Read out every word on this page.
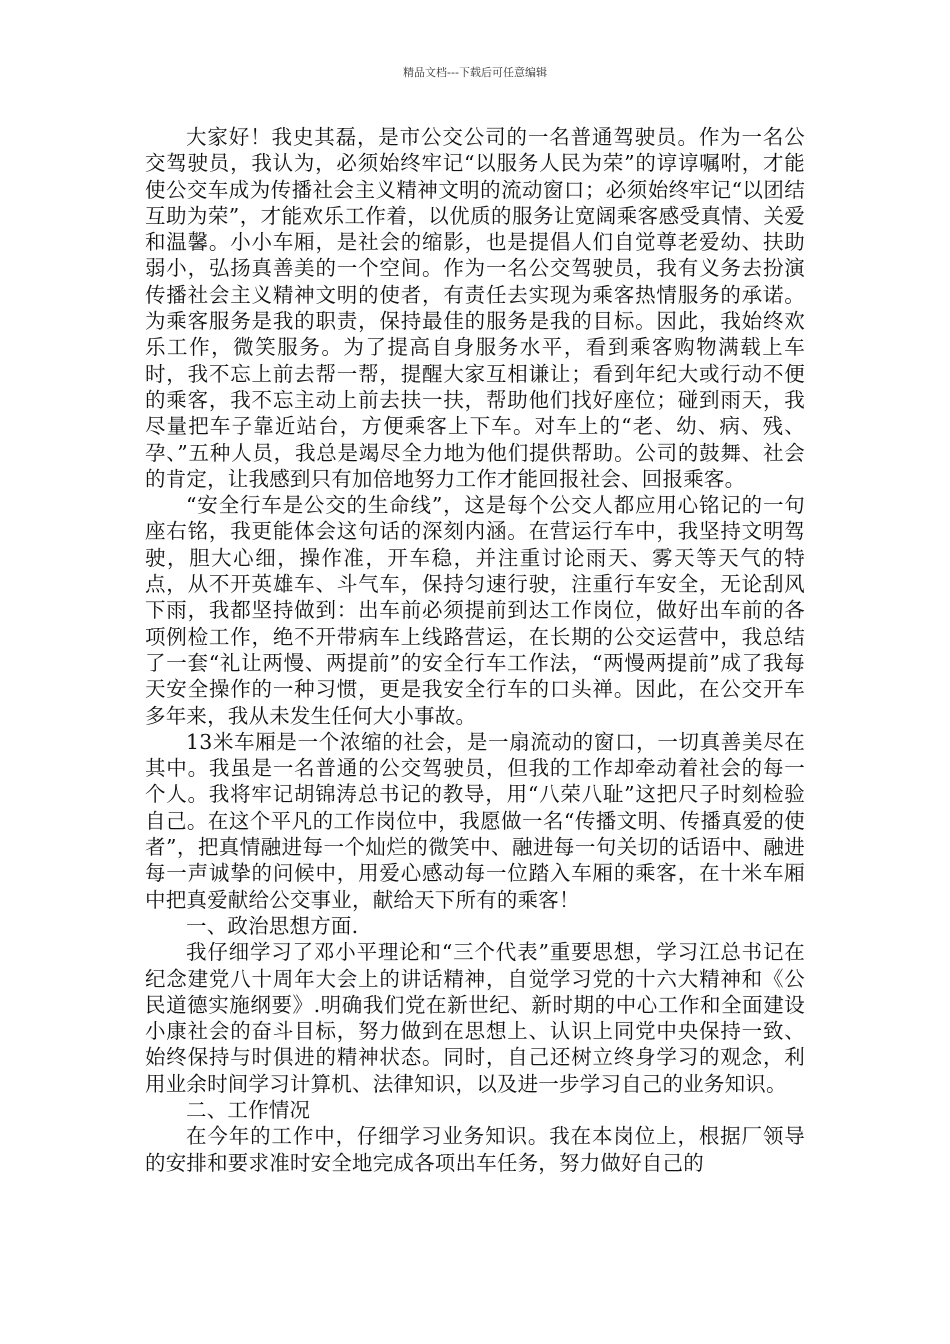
精品文档---下载后可任意编辑

大家好！我史其磊，是市公交公司的一名普通驾驶员。作为一名公交驾驶员，我认为，必须始终牢记“以服务人民为荣”的谆谆嘱咐，才能使公交车成为传播社会主义精神文明的流动窗口；必须始终牢记“以团结互助为荣”，才能欢乐工作着，以优质的服务让宽阔乘客感受真情、关爱和温馨。小小车厢，是社会的缩影，也是提倡人们自觉尊老爱幼、扶助弱小，弘扬真善美的一个空间。作为一名公交驾驶员，我有义务去扮演传播社会主义精神文明的使者，有责任去实现为乘客热情服务的承诺。为乘客服务是我的职责，保持最佳的服务是我的目标。因此，我始终欢乐工作，微笑服务。为了提高自身服务水平，看到乘客购物满载上车时，我不忘上前去帮一帮，提醒大家互相谦让；看到年纪大或行动不便的乘客，我不忘主动上前去扶一扶，帮助他们找好座位；碰到雨天，我尽量把车子靠近站台，方便乘客上下车。对车上的“老、幼、病、残、孕、”五种人员，我总是竭尽全力地为他们提供帮助。公司的鼓舞、社会的肯定，让我感到只有加倍地努力工作才能回报社会、回报乘客。

“安全行车是公交的生命线”，这是每个公交人都应用心铭记的一句座右铭，我更能体会这句话的深刻内涵。在营运行车中，我坚持文明驾驶，胆大心细，操作准，开车稳，并注重讨论雨天、雾天等天气的特点，从不开英雄车、斗气车，保持匀速行驶，注重行车安全，无论刮风下雨，我都坚持做到：出车前必须提前到达工作岗位，做好出车前的各项例检工作，绝不开带病车上线路营运，在长期的公交运营中，我总结了一套“礼让两慢、两提前”的安全行车工作法，“两慢两提前”成了我每天安全操作的一种习惯，更是我安全行车的口头禅。因此，在公交开车多年来，我从未发生任何大小事故。

13米车厢是一个浓缩的社会，是一扇流动的窗口，一切真善美尽在其中。我虽是一名普通的公交驾驶员，但我的工作却牵动着社会的每一个人。我将牢记胡锦涛总书记的教导，用“八荣八耻”这把尺子时刻检验自己。在这个平凡的工作岗位中，我愿做一名“传播文明、传播真爱的使者”，把真情融进每一个灿烂的微笑中、融进每一句关切的话语中、融进每一声诚挚的问候中，用爱心感动每一位踏入车厢的乘客，在十米车厢中把真爱献给公交事业，献给天下所有的乘客！

一、政治思想方面.

我仔细学习了邓小平理论和“三个代表”重要思想，学习江总书记在纪念建党八十周年大会上的讲话精神，自觉学习党的十六大精神和《公民道德实施纲要》.明确我们党在新世纪、新时期的中心工作和全面建设小康社会的奋斗目标，努力做到在思想上、认识上同党中央保持一致、始终保持与时俱进的精神状态。同时，自己还树立终身学习的观念，利用业余时间学习计算机、法律知识，以及进一步学习自己的业务知识。

二、工作情况

在今年的工作中，仔细学习业务知识。我在本岗位上，根据厂领导的安排和要求准时安全地完成各项出车任务，努力做好自己的
